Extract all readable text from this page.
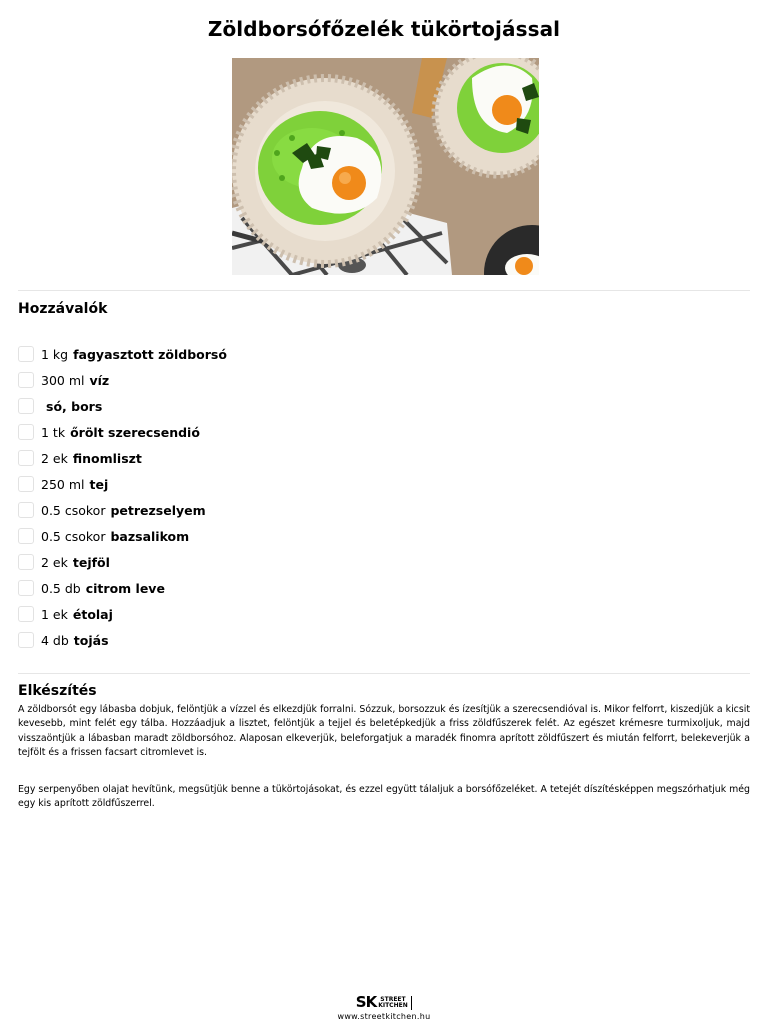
Zöldborsófőzelék tükörtojással
Hozzávalók
1 kg fagyasztott zöldborsó
300 ml víz
só, bors
1 tk őrölt szerecsendió
2 ek finomliszt
250 ml tej
0.5 csokor petrezselyem
0.5 csokor bazsalikom
2 ek tejföl
0.5 db citrom leve
1 ek étolaj
4 db tojás
Elkészítés

A zöldborsót egy lábasba dobjuk, felöntjük a vízzel és elkezdjük forralni. Sózzuk, borsozzuk és ízesítjük a szerecsendióval is. Mikor felforrt, kiszedjük a kicsit kevesebb, mint felét egy tálba. Hozzáadjuk a lisztet, felöntjük a tejjel és beletépkedjük a friss zöldfűszerek felét. Az egészet krémesre turmixoljuk, majd visszaöntjük a lábasban maradt zöldborsóhoz. Alaposan elkeverjük, beleforgatjuk a maradék finomra aprított zöldfűszert és miután felforrt, belekeverjük a tejfölt és a frissen facsart citromlevet is.

Egy serpenyőben olajat hevítünk, megsütjük benne a tükörtojásokat, és ezzel együtt tálaljuk a borsófőzeléket. A tetejét díszítésképpen megszórhatjuk még egy kis aprított zöldfűszerrel.

SK STREET
KITCHEN
www.streetkitchen.hu
